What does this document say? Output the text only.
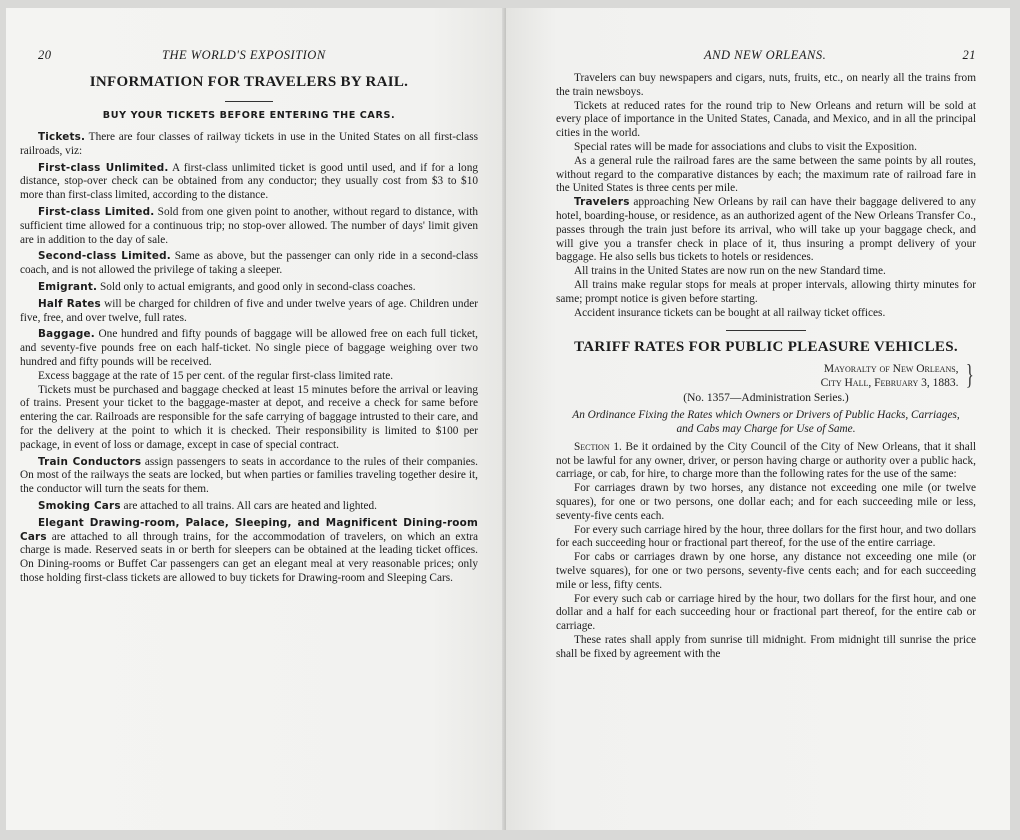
20	THE WORLD'S EXPOSITION
INFORMATION FOR TRAVELERS BY RAIL.
BUY YOUR TICKETS BEFORE ENTERING THE CARS.

Tickets. There are four classes of railway tickets in use in the United States on all first-class railroads, viz:

First-class Unlimited. A first-class unlimited ticket is good until used, and if for a long distance, stop-over check can be obtained from any conductor; they usually cost from $3 to $10 more than first-class limited, according to the distance.

First-class Limited. Sold from one given point to another, without regard to distance, with sufficient time allowed for a continuous trip; no stop-over allowed. The number of days' limit given are in addition to the day of sale.

Second-class Limited. Same as above, but the passenger can only ride in a second-class coach, and is not allowed the privilege of taking a sleeper.

Emigrant. Sold only to actual emigrants, and good only in second-class coaches.

Half Rates will be charged for children of five and under twelve years of age. Children under five, free, and over twelve, full rates.

Baggage. One hundred and fifty pounds of baggage will be allowed free on each full ticket, and seventy-five pounds free on each half-ticket. No single piece of baggage weighing over two hundred and fifty pounds will be received.

Excess baggage at the rate of 15 per cent. of the regular first-class limited rate.

Tickets must be purchased and baggage checked at least 15 minutes before the arrival or leaving of trains. Present your ticket to the baggage-master at depot, and receive a check for same before entering the car. Railroads are responsible for the safe carrying of baggage intrusted to their care, and for the delivery at the point to which it is checked. Their responsibility is limited to $100 per package, in event of loss or damage, except in case of special contract.

Train Conductors assign passengers to seats in accordance to the rules of their companies. On most of the railways the seats are locked, but when parties or families traveling together desire it, the conductor will turn the seats for them.

Smoking Cars are attached to all trains. All cars are heated and lighted.

Elegant Drawing-room, Palace, Sleeping, and Magnificent Dining-room Cars are attached to all through trains, for the accommodation of travelers, on which an extra charge is made. Reserved seats in or berth for sleepers can be obtained at the leading ticket offices. On Dining-rooms or Buffet Car passengers can get an elegant meal at very reasonable prices; only those holding first-class tickets are allowed to buy tickets for Drawing-room and Sleeping Cars.

AND NEW ORLEANS.	21

Travelers can buy newspapers and cigars, nuts, fruits, etc., on nearly all the trains from the train newsboys.

Tickets at reduced rates for the round trip to New Orleans and return will be sold at every place of importance in the United States, Canada, and Mexico, and in all the principal cities in the world.

Special rates will be made for associations and clubs to visit the Exposition.

As a general rule the railroad fares are the same between the same points by all routes, without regard to the comparative distances by each; the maximum rate of railroad fare in the United States is three cents per mile.

Travelers approaching New Orleans by rail can have their baggage delivered to any hotel, boarding-house, or residence, as an authorized agent of the New Orleans Transfer Co., passes through the train just before its arrival, who will take up your baggage check, and will give you a transfer check in place of it, thus insuring a prompt delivery of your baggage. He also sells bus tickets to hotels or residences.

All trains in the United States are now run on the new Standard time.

All trains make regular stops for meals at proper intervals, allowing thirty minutes for same; prompt notice is given before starting.

Accident insurance tickets can be bought at all railway ticket offices.

TARIFF RATES FOR PUBLIC PLEASURE VEHICLES.
Mayoralty of New Orleans,
City Hall, February 3, 1883. }

(No. 1357—Administration Series.)

An Ordinance Fixing the Rates which Owners or Drivers of Public Hacks, Carriages, and Cabs may Charge for Use of Same.

Section 1. Be it ordained by the City Council of the City of New Orleans, that it shall not be lawful for any owner, driver, or person having charge or authority over a public hack, carriage, or cab, for hire, to charge more than the following rates for the use of the same:

For carriages drawn by two horses, any distance not exceeding one mile (or twelve squares), for one or two persons, one dollar each; and for each succeeding mile or less, seventy-five cents each.

For every such carriage hired by the hour, three dollars for the first hour, and two dollars for each succeeding hour or fractional part thereof, for the use of the entire carriage.

For cabs or carriages drawn by one horse, any distance not exceeding one mile (or twelve squares), for one or two persons, seventy-five cents each; and for each succeeding mile or less, fifty cents.

For every such cab or carriage hired by the hour, two dollars for the first hour, and one dollar and a half for each succeeding hour or fractional part thereof, for the entire cab or carriage.

These rates shall apply from sunrise till midnight. From midnight till sunrise the price shall be fixed by agreement with the
